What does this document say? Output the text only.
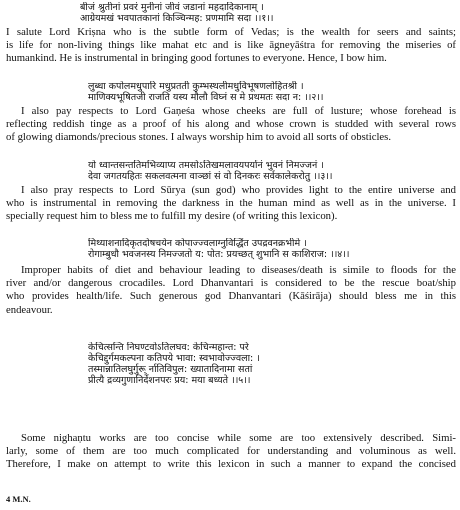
बीजं श्रुतीनां प्रवरं मुनीनां जीवं जडानां महदादिकानाम् ।
आग्रेयमखं भवपातकानां किञ्चिन्मह: प्रणमामि सदा ।।१।।
I salute Lord Kriṣna who is the subtle form of Vedas; is the wealth for seers and saints;
is life for non-living things like mahat etc and is like āgneyāśtra for removing the miseries of
humankind. He is instrumental in bringing good fortunes to everyone. Hence, I bow him.
लुब्धा कपोलमधुपारि मधुप्रतती कुम्भस्थलीमधुविभूषणलोहितश्री ।
माणिक्यभूषितजी राजति यस्य मौलौ विघ्नं स मे प्रथमतः सदा न: ।।२।।
I also pay respects to Lord Gaṇeśa whose cheeks are full of lusture; whose forehead is
reflecting reddish tinge as a proof of his along and whose crown is studded with several rows
of glowing diamonds/precious stones. I always worship him to avoid all sorts of obsticles.
यो ध्वान्तसन्ततिमभिव्याप्य तमसोऽतिखमलावयपर्यानं भुवनं निमज्जनं ।
देवा जगतयहितः सकलवत्मना वाञ्छां सं वो दिनकरः सर्वकालेकरोतु ।।३।।
I also pray respects to Lord Sūrya (sun god) who provides light to the entire universe and
who is instrumental in removing the darkness in the human mind as well as in the universe. I
specially request him to bless me to fulfill my desire (of writing this lexicon).
मिथ्याशनादिकृतदोषचयेन कोपाज्ज्वलाग्नुविर्द्धित उपद्रवनक्रभीमे ।
रोगाम्बुधौ भवजनस्य निमज्जतो य: पोत: प्रयच्छत् शुभानि स काशिराज: ।।४।।
Improper habits of diet and behaviour leading to diseases/death is simile to floods for the
river and/or dangerous crocadiles. Lord Dhanvantari is considered to be the rescue boat/ship
who provides health/life. Such generous god Dhanvantari (Kāśirāja) should bless me in this
endeavour.
केचित्सन्ति निघण्टवोऽतिलघव: केचिन्महान्त: परे
केचिद्दुर्गमकल्पना कतिपये भावा: स्वभावोज्ज्वला: ।
तस्मान्नातिलघुर्गुरू् र्नातिविपुल: ख्यातादिनामा सतां
प्रीत्यै द्रव्यगुणानिर्देशनपरः प्रय: मया बध्यते ।।५।।
Some nighaṇtu works are too concise while some are too extensively described. Simi-
larly, some of them are too much complicated for understanding and voluminous as well.
Therefore, I make on attempt to write this lexicon in such a manner to expand the concised
4 M.N.
